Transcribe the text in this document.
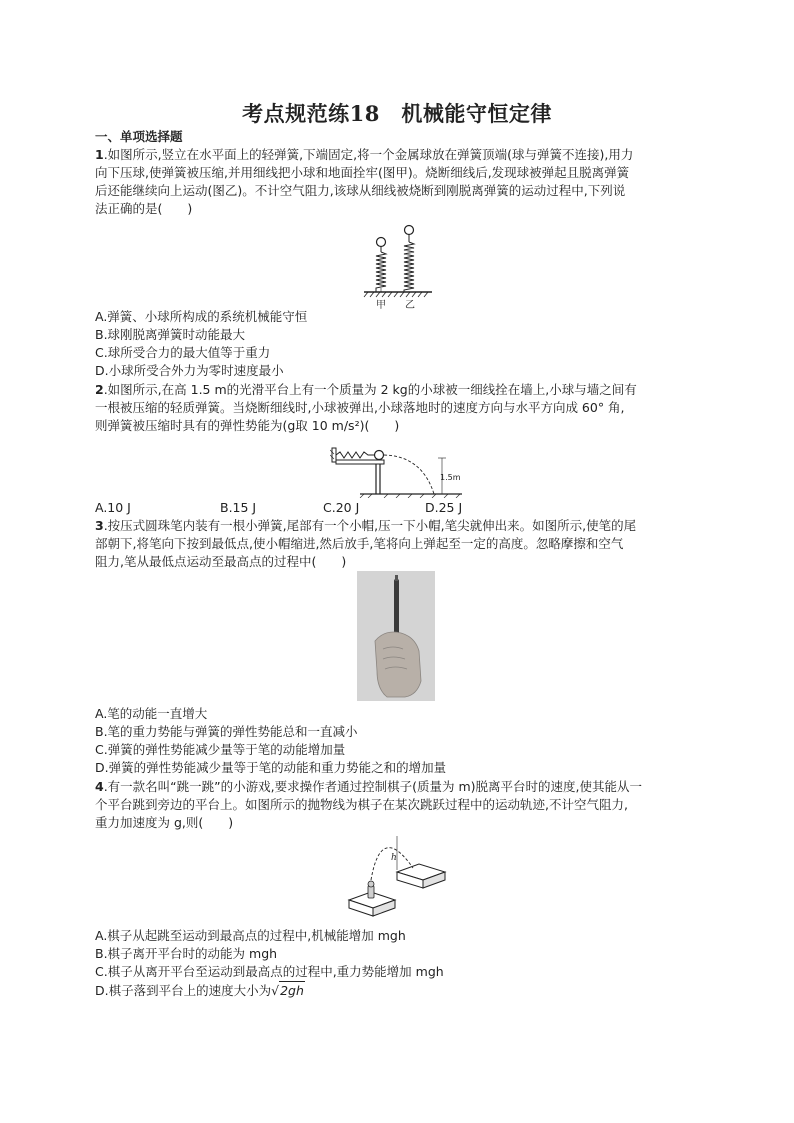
考点规范练18　机械能守恒定律
一、单项选择题
1.如图所示,竖立在水平面上的轻弹簧,下端固定,将一个金属球放在弹簧顶端(球与弹簧不连接),用力
向下压球,使弹簧被压缩,并用细线把小球和地面拴牢(图甲)。烧断细线后,发现球被弹起且脱离弹簧
后还能继续向上运动(图乙)。不计空气阻力,该球从细线被烧断到刚脱离弹簧的运动过程中,下列说
法正确的是(　　)
甲 乙
A.弹簧、小球所构成的系统机械能守恒
B.球刚脱离弹簧时动能最大
C.球所受合力的最大值等于重力
D.小球所受合外力为零时速度最小
2.如图所示,在高 1.5 m的光滑平台上有一个质量为 2 kg的小球被一细线拴在墙上,小球与墙之间有
一根被压缩的轻质弹簧。当烧断细线时,小球被弹出,小球落地时的速度方向与水平方向成 60° 角,
则弹簧被压缩时具有的弹性势能为(g取 10 m/s²)(　　)
1.5m
A.10 J	B.15 J	C.20 J	D.25 J
3.按压式圆珠笔内装有一根小弹簧,尾部有一个小帽,压一下小帽,笔尖就伸出来。如图所示,使笔的尾
部朝下,将笔向下按到最低点,使小帽缩进,然后放手,笔将向上弹起至一定的高度。忽略摩擦和空气
阻力,笔从最低点运动至最高点的过程中(　　)
A.笔的动能一直增大
B.笔的重力势能与弹簧的弹性势能总和一直减小
C.弹簧的弹性势能减少量等于笔的动能增加量
D.弹簧的弹性势能减少量等于笔的动能和重力势能之和的增加量
4.有一款名叫“跳一跳”的小游戏,要求操作者通过控制棋子(质量为 m)脱离平台时的速度,使其能从一
个平台跳到旁边的平台上。如图所示的抛物线为棋子在某次跳跃过程中的运动轨迹,不计空气阻力,
重力加速度为 g,则(　　)
h
A.棋子从起跳至运动到最高点的过程中,机械能增加 mgh
B.棋子离开平台时的动能为 mgh
C.棋子从离开平台至运动到最高点的过程中,重力势能增加 mgh
D.棋子落到平台上的速度大小为√2gh
